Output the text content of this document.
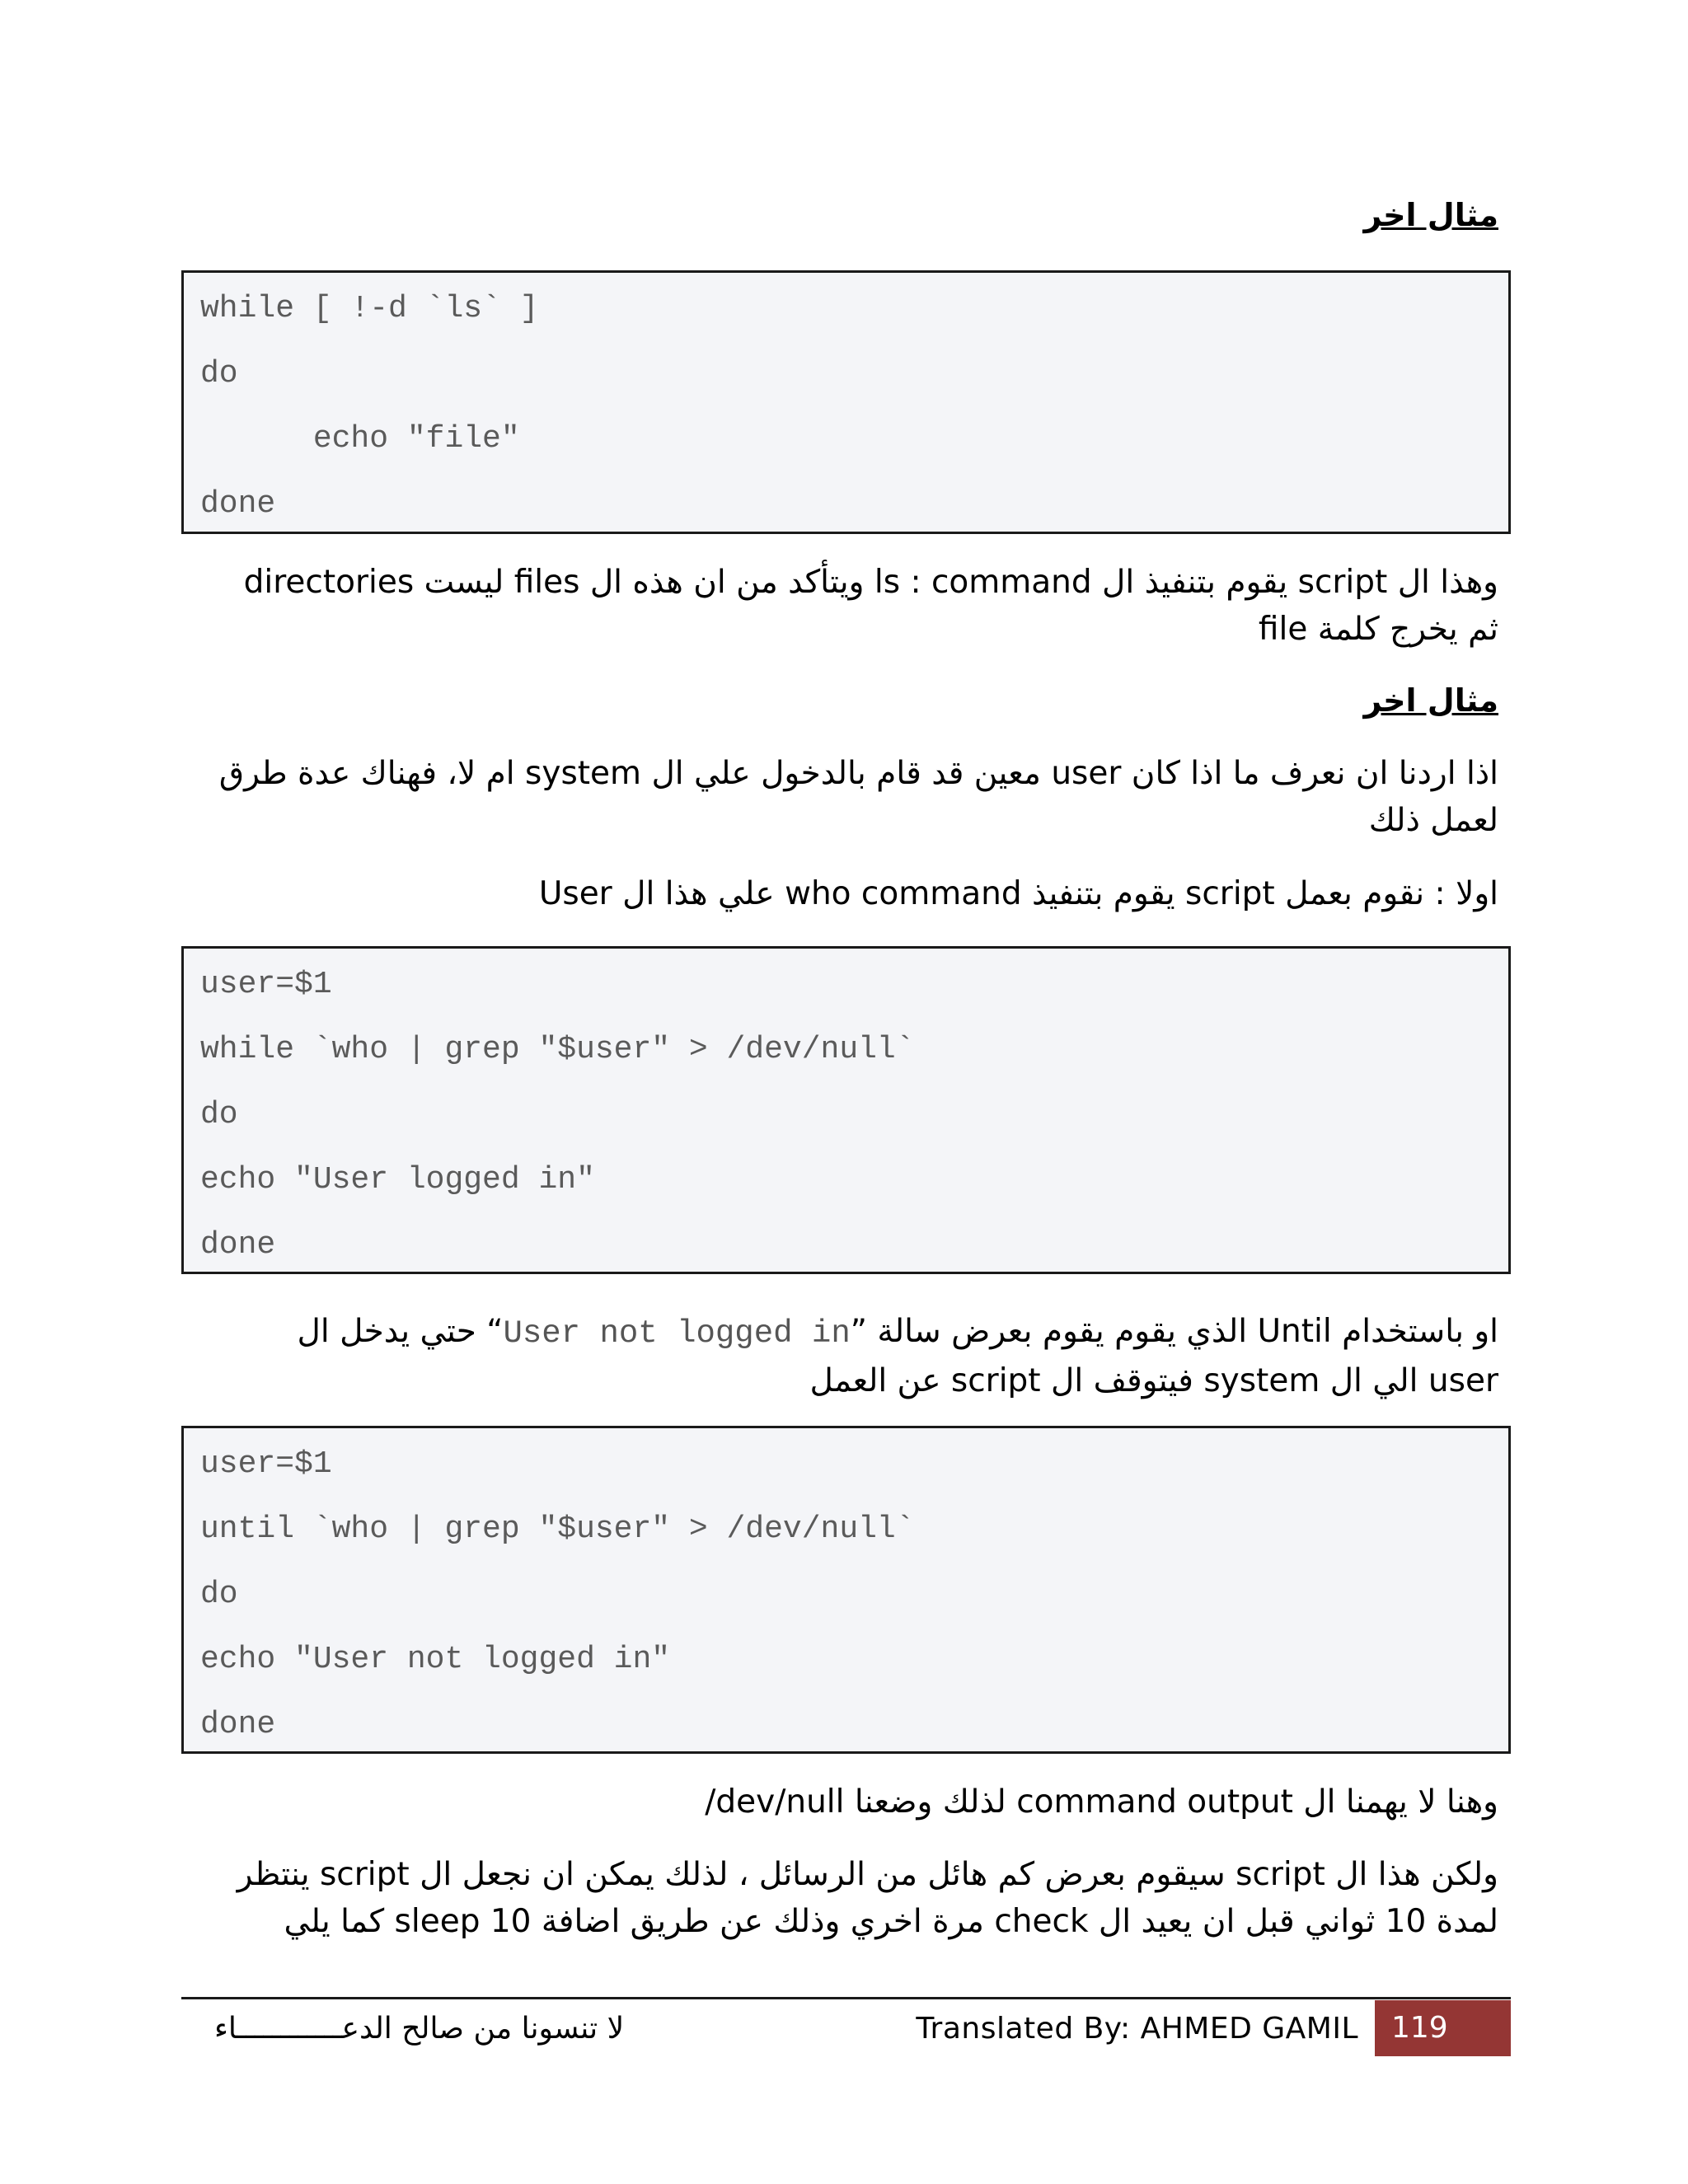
مثال اخر
while [ !-d `ls` ]
do
echo "file"
done
وهذا ال script يقوم بتنفيذ ال ls : command ويتأكد من ان هذه ال files ليست directories
ثم يخرج كلمة file
مثال اخر
اذا اردنا ان نعرف ما اذا كان user معين قد قام بالدخول علي ال system ام لا، فهناك عدة طرق
لعمل ذلك
اولا : نقوم بعمل script يقوم بتنفيذ who command علي هذا ال User
user=$1
while `who | grep "$user" > /dev/null`
do
echo "User logged in"
done
او باستخدام Until الذي يقوم يقوم بعرض سالة ”User not logged in“ حتي يدخل ال
user الي ال system فيتوقف ال script عن العمل
user=$1
until `who | grep "$user" > /dev/null`
do
echo "User not logged in"
done
وهنا لا يهمنا ال command output لذلك وضعنا dev/null/
ولكن هذا ال script سيقوم بعرض كم هائل من الرسائل ، لذلك يمكن ان نجعل ال script ينتظر
لمدة 10 ثواني قبل ان يعيد ال check مرة اخري وذلك عن طريق اضافة 10 sleep كما يلي
لا تنسونا من صالح الدعــــــــــــاء	Translated By: AHMED GAMIL	119
